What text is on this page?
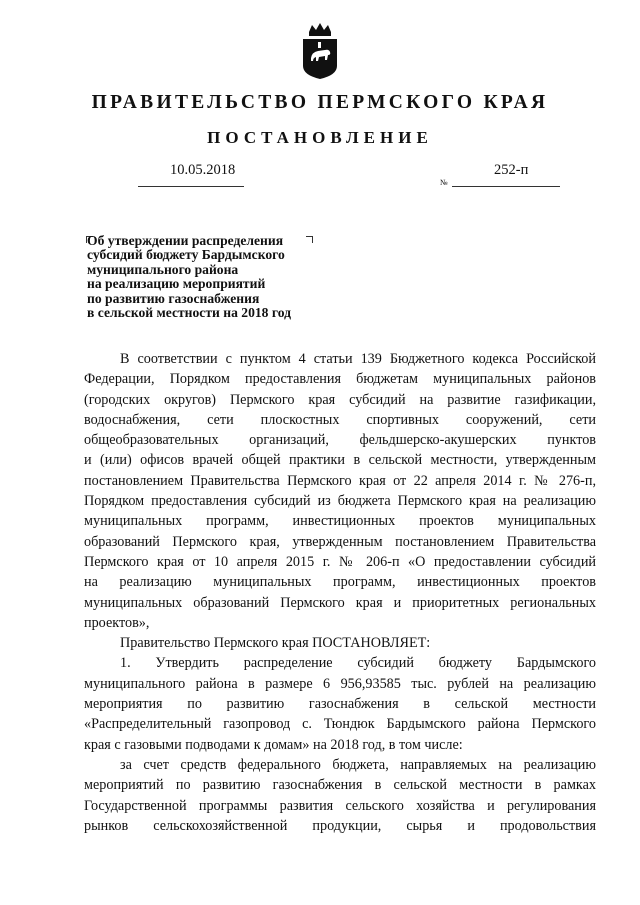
ПРАВИТЕЛЬСТВО ПЕРМСКОГО КРАЯ
ПОСТАНОВЛЕНИЕ
10.05.2018
№
252-п
Об утверждении распределения
субсидий бюджету Бардымского
муниципального района
на реализацию мероприятий
по развитию газоснабжения
в сельской местности на 2018 год
В соответствии с пунктом 4 статьи 139 Бюджетного кодекса Российской
Федерации, Порядком предоставления бюджетам муниципальных районов
(городских округов) Пермского края субсидий на развитие газификации,
водоснабжения, сети плоскостных спортивных сооружений, сети
общеобразовательных организаций, фельдшерско-акушерских пунктов
и (или) офисов врачей общей практики в сельской местности, утвержденным
постановлением Правительства Пермского края от 22 апреля 2014 г. № 276-п,
Порядком предоставления субсидий из бюджета Пермского края на реализацию
муниципальных программ, инвестиционных проектов муниципальных
образований Пермского края, утвержденным постановлением Правительства
Пермского края от 10 апреля 2015 г. № 206-п «О предоставлении субсидий
на реализацию муниципальных программ, инвестиционных проектов
муниципальных образований Пермского края и приоритетных региональных
проектов»,
Правительство Пермского края ПОСТАНОВЛЯЕТ:
1. Утвердить распределение субсидий бюджету Бардымского
муниципального района в размере 6 956,93585 тыс. рублей на реализацию
мероприятия по развитию газоснабжения в сельской местности
«Распределительный газопровод с. Тюндюк Бардымского района Пермского
края с газовыми подводами к домам» на 2018 год, в том числе:
за счет средств федерального бюджета, направляемых на реализацию
мероприятий по развитию газоснабжения в сельской местности в рамках
Государственной программы развития сельского хозяйства и регулирования
рынков сельскохозяйственной продукции, сырья и продовольствия
